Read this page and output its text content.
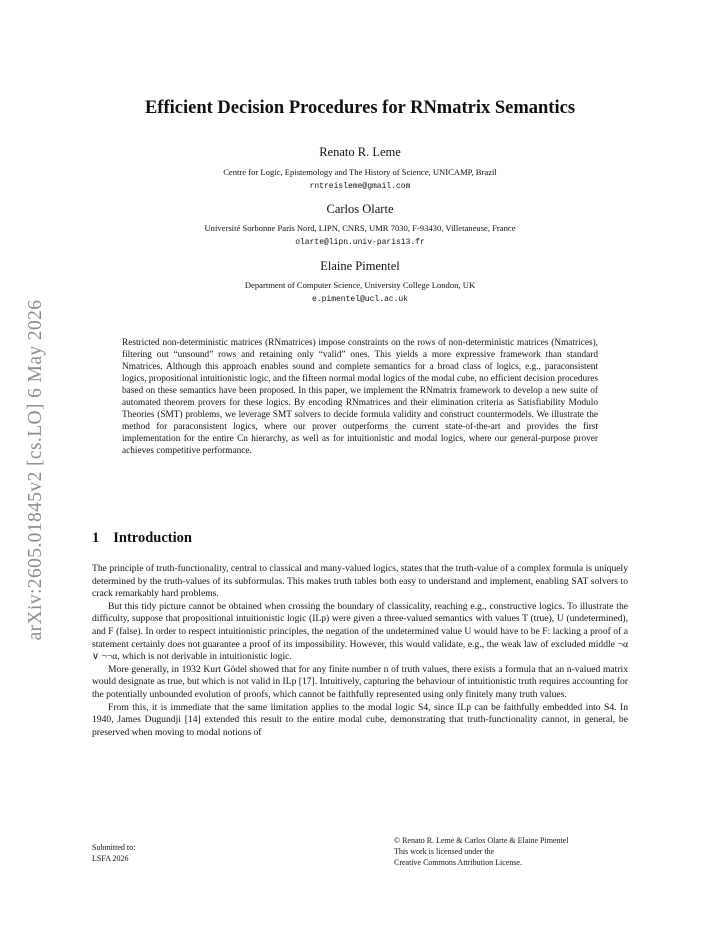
arXiv:2605.01845v2 [cs.LO] 6 May 2026
Efficient Decision Procedures for RNmatrix Semantics
Renato R. Leme
Centre for Logic, Epistemology and The History of Science, UNICAMP, Brazil
rntreisleme@gmail.com
Carlos Olarte
Université Sorbonne Paris Nord, LIPN, CNRS, UMR 7030, F-93430, Villetaneuse, France
olarte@lipn.univ-paris13.fr
Elaine Pimentel
Department of Computer Science, University College London, UK
e.pimentel@ucl.ac.uk
Restricted non-deterministic matrices (RNmatrices) impose constraints on the rows of non-deterministic matrices (Nmatrices), filtering out “unsound” rows and retaining only “valid” ones. This yields a more expressive framework than standard Nmatrices. Although this approach enables sound and complete semantics for a broad class of logics, e.g., paraconsistent logics, propositional intuitionistic logic, and the fifteen normal modal logics of the modal cube, no efficient decision procedures based on these semantics have been proposed. In this paper, we implement the RNmatrix framework to develop a new suite of automated theorem provers for these logics. By encoding RNmatrices and their elimination criteria as Satisfiability Modulo Theories (SMT) problems, we leverage SMT solvers to decide formula validity and construct countermodels. We illustrate the method for paraconsistent logics, where our prover outperforms the current state-of-the-art and provides the first implementation for the entire Cn hierarchy, as well as for intuitionistic and modal logics, where our general-purpose prover achieves competitive performance.
1 Introduction

The principle of truth-functionality, central to classical and many-valued logics, states that the truth-value of a complex formula is uniquely determined by the truth-values of its subformulas. This makes truth tables both easy to understand and implement, enabling SAT solvers to crack remarkably hard problems.

But this tidy picture cannot be obtained when crossing the boundary of classicality, reaching e.g., constructive logics. To illustrate the difficulty, suppose that propositional intuitionistic logic (ILp) were given a three-valued semantics with values T (true), U (undetermined), and F (false). In order to respect intuitionistic principles, the negation of the undetermined value U would have to be F: lacking a proof of a statement certainly does not guarantee a proof of its impossibility. However, this would validate, e.g., the weak law of excluded middle ¬α ∨ ¬¬α, which is not derivable in intuitionistic logic.

More generally, in 1932 Kurt Gödel showed that for any finite number n of truth values, there exists a formula that an n-valued matrix would designate as true, but which is not valid in ILp [17]. Intuitively, capturing the behaviour of intuitionistic truth requires accounting for the potentially unbounded evolution of proofs, which cannot be faithfully represented using only finitely many truth values.

From this, it is immediate that the same limitation applies to the modal logic S4, since ILp can be faithfully embedded into S4. In 1940, James Dugundji [14] extended this result to the entire modal cube, demonstrating that truth-functionality cannot, in general, be preserved when moving to modal notions of

Submitted to:
LSFA 2026
© Renato R. Leme & Carlos Olarte & Elaine Pimentel
This work is licensed under the
Creative Commons Attribution License.
